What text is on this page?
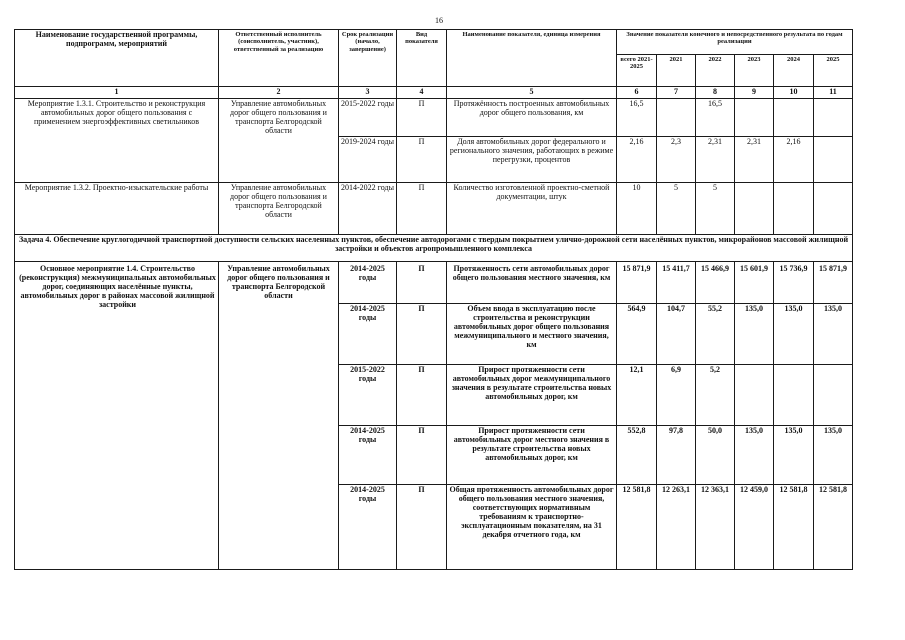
16
Наименование государственной программы, подпрограмм, мероприятий	Ответственный исполнитель (соисполнитель, участник), ответственный за реализацию	Срок реализации (начало, завершение)	Вид показателя	Наименование показателя, единица измерения	Значение показателя конечного и непосредственного результата по годам реализации					
					всего 2021-2025	2021	2022	2023	2024	2025
1	2	3	4	5	6	7	8	9	10	11
Мероприятие 1.3.1. Строительство и реконструкция автомобильных дорог общего пользования с применением энергоэффективных светильников	Управление автомобильных дорог общего пользования и транспорта Белгородской области	2015-2022 годы	П	Протяжённость построенных автомобильных дорог общего пользования, км	16,5		16,5			
		2019-2024 годы	П	Доля автомобильных дорог федерального и регионального значения, работающих в режиме перегрузки, процентов	2,16	2,3	2,31	2,31	2,16	
Мероприятие 1.3.2. Проектно-изыскательские работы	Управление автомобильных дорог общего пользования и транспорта Белгородской области	2014-2022 годы	П	Количество изготовленной проектно-сметной документации, штук	10	5	5			
Задача 4. Обеспечение круглогодичной транспортной доступности сельских населенных пунктов, обеспечение автодорогами с твердым покрытием улично-дорожной сети населённых пунктов, микрорайонов массовой жилищной застройки и объектов агропромышленного комплекса										
Основное мероприятие 1.4. Строительство (реконструкция) межмуниципальных автомобильных дорог, соединяющих населённые пункты, автомобильных дорог в районах массовой жилищной застройки	Управление автомобильных дорог общего пользования и транспорта Белгородской области	2014-2025 годы	П	Протяженность сети автомобильных дорог общего пользования местного значения, км	15 871,9	15 411,7	15 466,9	15 601,9	15 736,9	15 871,9
		2014-2025 годы	П	Объем ввода в эксплуатацию после строительства и реконструкции автомобильных дорог общего пользования межмуниципального и местного значения, км	564,9	104,7	55,2	135,0	135,0	135,0
		2015-2022 годы	П	Прирост протяженности сети автомобильных дорог межмуниципального значения в результате строительства новых автомобильных дорог, км	12,1	6,9	5,2			
		2014-2025 годы	П	Прирост протяженности сети автомобильных дорог местного значения в результате строительства новых автомобильных дорог, км	552,8	97,8	50,0	135,0	135,0	135,0
		2014-2025 годы	П	Общая протяженность автомобильных дорог общего пользования местного значения, соответствующих нормативным требованиям к транспортно-эксплуатационным показателям, на 31 декабря отчетного года, км	12 581,8	12 263,1	12 363,1	12 459,0	12 581,8	12 581,8
